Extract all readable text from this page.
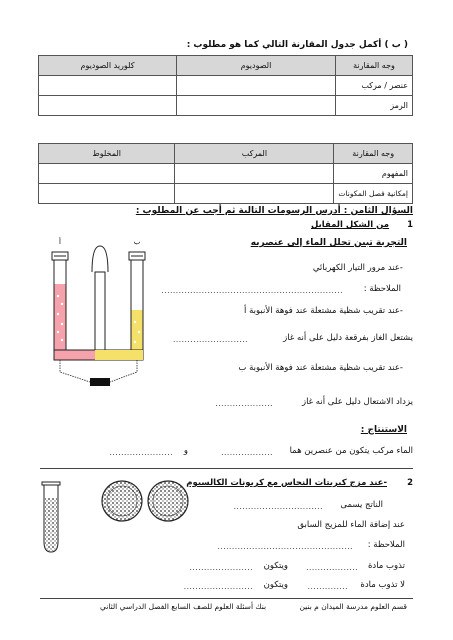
( ب ) أكمل جدول المقارنة التالي كما هو مطلوب :
وجه المقارنة	الصوديوم	كلوريد الصوديوم
عنصر / مركب		
الرمز		
وجه المقارنة	المركب	المخلوط
المفهوم		
إمكانية فصل المكونات		
السؤال الثامن : أدرس الرسومات التالية ثم أجب عن المطلوب :
1
من الشكل المقابل
التجربة تبين تحلل الماء إلى عنصريه
-عند مرور التيار الكهربائي
الملاحظة :
...............................................................
-عند تقريب شظية مشتعلة عند فوهة الأنبوبة أ
يشتعل الغاز بفرقعة دليل على أنه غاز
..........................
-عند تقريب شظية مشتعلة عند فوهة الأنبوبة ب
يزداد الاشتعال دليل على أنه غاز
....................
الاستنتاج :
الماء مركب يتكون من عنصرين هما
..................
و
......................
أ	ب
2
-عند مزج كبريتات النحاس مع كربونات الكالسيوم
الناتج يسمى
...............................
عند إضافة الماء للمزيج السابق
الملاحظة :
...............................................
تذوب مادة
..................
ويتكون
......................
لا تذوب مادة
..............
ويتكون
........................
قسم العلوم مدرسة الميدان م بنين
بنك أسئلة العلوم للصف السابع الفصل الدراسي الثاني
